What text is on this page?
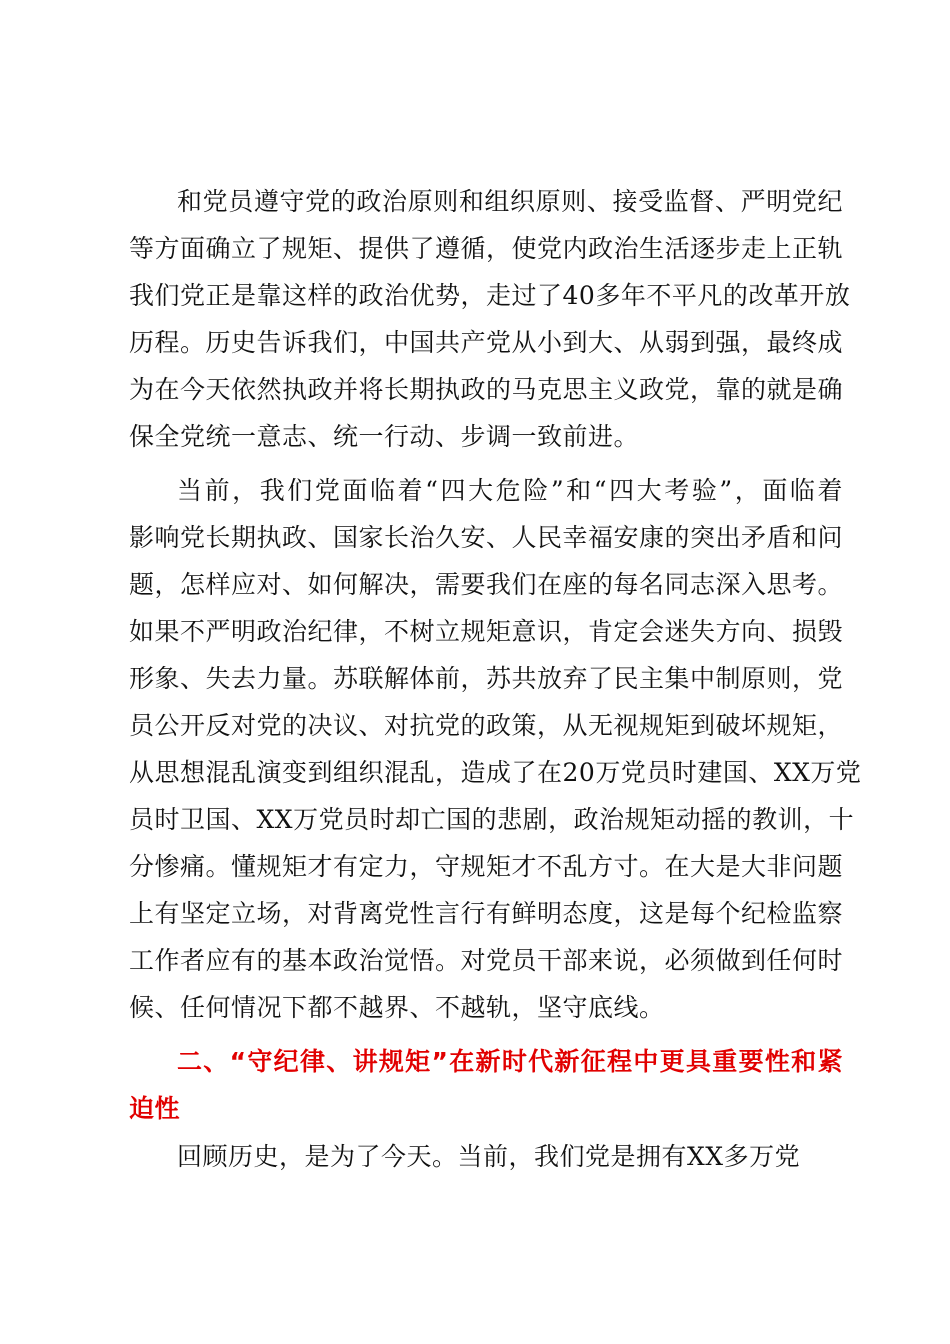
和党员遵守党的政治原则和组织原则、接受监督、严明党纪
等方面确立了规矩、提供了遵循，使党内政治生活逐步走上正轨
我们党正是靠这样的政治优势，走过了40多年不平凡的改革开放
历程。历史告诉我们，中国共产党从小到大、从弱到强，最终成
为在今天依然执政并将长期执政的马克思主义政党，靠的就是确
保全党统一意志、统一行动、步调一致前进。
当前，我们党面临着“四大危险”和“四大考验”，面临着
影响党长期执政、国家长治久安、人民幸福安康的突出矛盾和问
题，怎样应对、如何解决，需要我们在座的每名同志深入思考。
如果不严明政治纪律，不树立规矩意识，肯定会迷失方向、损毁
形象、失去力量。苏联解体前，苏共放弃了民主集中制原则，党
员公开反对党的决议、对抗党的政策，从无视规矩到破坏规矩，
从思想混乱演变到组织混乱，造成了在20万党员时建国、XX万党
员时卫国、XX万党员时却亡国的悲剧，政治规矩动摇的教训，十
分惨痛。懂规矩才有定力，守规矩才不乱方寸。在大是大非问题
上有坚定立场，对背离党性言行有鲜明态度，这是每个纪检监察
工作者应有的基本政治觉悟。对党员干部来说，必须做到任何时
候、任何情况下都不越界、不越轨，坚守底线。
二、“守纪律、讲规矩”在新时代新征程中更具重要性和紧
迫性
回顾历史，是为了今天。当前，我们党是拥有XX多万党
